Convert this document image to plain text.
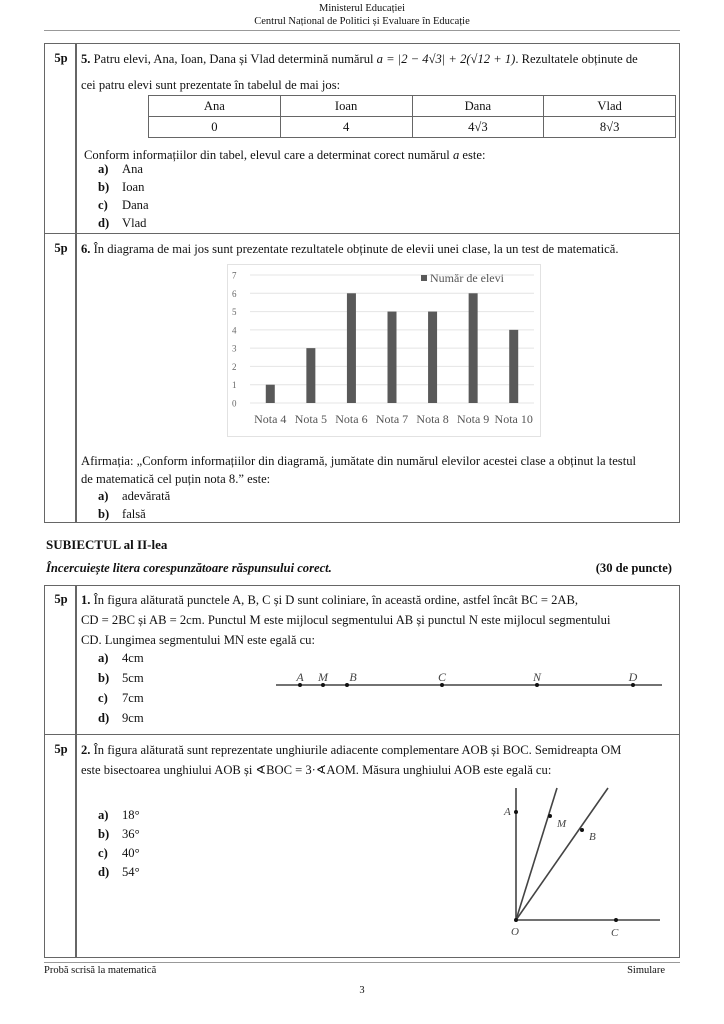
Ministerul Educației
Centrul Național de Politici și Evaluare în Educație
5p	5. Patru elevi, Ana, Ioan, Dana și Vlad determină numărul a = |2 − 4√3| + 2(√12 + 1). Rezultatele obținute de
cei patru elevi sunt prezentate în tabelul de mai jos:
Ana	Ioan	Dana	Vlad
0	4	4√3	8√3
Conform informațiilor din tabel, elevul care a determinat corect numărul a este:
a) Ana
b) Ioan
c) Dana
d) Vlad
5p	6. În diagrama de mai jos sunt prezentate rezultatele obținute de elevii unei clase, la un test de matematică.
0
1
2
3
4
5
6
7
Nota 4 Nota 5 Nota 6 Nota 7 Nota 8 Nota 9 Nota 10
Număr de elevi
Afirmația: „Conform informațiilor din diagramă, jumătate din numărul elevilor acestei clase a obținut la testul
de matematică cel puțin nota 8.” este:
a) adevărată
b) falsă
SUBIECTUL al II-lea
Încercuiește litera corespunzătoare răspunsului corect.	(30 de puncte)
5p	1. În figura alăturată punctele A, B, C și D sunt coliniare, în această ordine, astfel încât BC = 2AB,
CD = 2BC și AB = 2cm. Punctul M este mijlocul segmentului AB și punctul N este mijlocul segmentului
CD. Lungimea segmentului MN este egală cu:
a) 4cm
b) 5cm
c) 7cm
d) 9cm
A M B	C	N	D
5p	2. În figura alăturată sunt reprezentate unghiurile adiacente complementare AOB și BOC. Semidreapta OM
este bisectoarea unghiului AOB și ∢BOC = 3·∢AOM. Măsura unghiului AOB este egală cu:
a) 18°
b) 36°
c) 40°
d) 54°
A
M
B
O	C
Probă scrisă la matematică	Simulare
3
